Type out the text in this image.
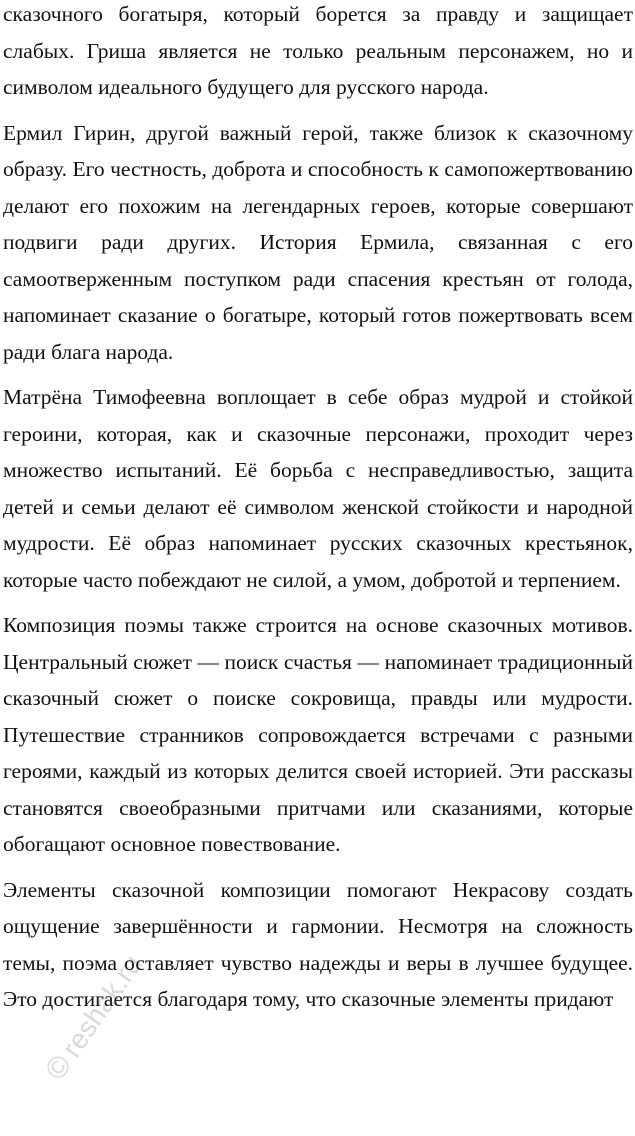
сказочного богатыря, который борется за правду и защищает слабых. Гриша является не только реальным персонажем, но и символом идеального будущего для русского народа.

Ермил Гирин, другой важный герой, также близок к сказочному образу. Его честность, доброта и способность к самопожертвованию делают его похожим на легендарных героев, которые совершают подвиги ради других. История Ермила, связанная с его самоотверженным поступком ради спасения крестьян от голода, напоминает сказание о богатыре, который готов пожертвовать всем ради блага народа.

Матрёна Тимофеевна воплощает в себе образ мудрой и стойкой героини, которая, как и сказочные персонажи, проходит через множество испытаний. Её борьба с несправедливостью, защита детей и семьи делают её символом женской стойкости и народной мудрости. Её образ напоминает русских сказочных крестьянок, которые часто побеждают не силой, а умом, добротой и терпением.

Композиция поэмы также строится на основе сказочных мотивов. Центральный сюжет — поиск счастья — напоминает традиционный сказочный сюжет о поиске сокровища, правды или мудрости. Путешествие странников сопровождается встречами с разными героями, каждый из которых делится своей историей. Эти рассказы становятся своеобразными притчами или сказаниями, которые обогащают основное повествование.

Элементы сказочной композиции помогают Некрасову создать ощущение завершённости и гармонии. Несмотря на сложность темы, поэма оставляет чувство надежды и веры в лучшее будущее. Это достигается благодаря тому, что сказочные элементы придают

©
reshak.ru
